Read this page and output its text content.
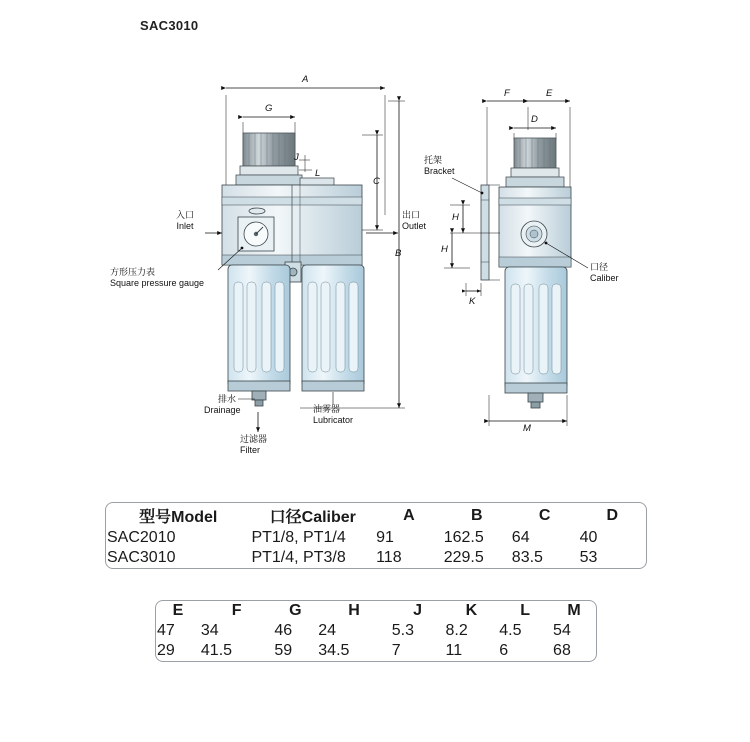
SAC3010
A
G
C
B
J
L
F	E
D
H
H
K
M
入口
Inlet
出口
Outlet
托架
Bracket
口径
Caliber
方形压力表
Square pressure gauge
排水
Drainage	油雾器
Lubricator
过滤器
Filter
型号Model	口径Caliber	A	B	C	D
SAC2010	PT1/8, PT1/4	91	162.5	64	40
SAC3010	PT1/4, PT3/8	118	229.5	83.5	53
E	F	G	H	J	K	L	M
47	34	46	24	5.3	8.2	4.5	54
29	41.5	59	34.5	7	11	6	68
